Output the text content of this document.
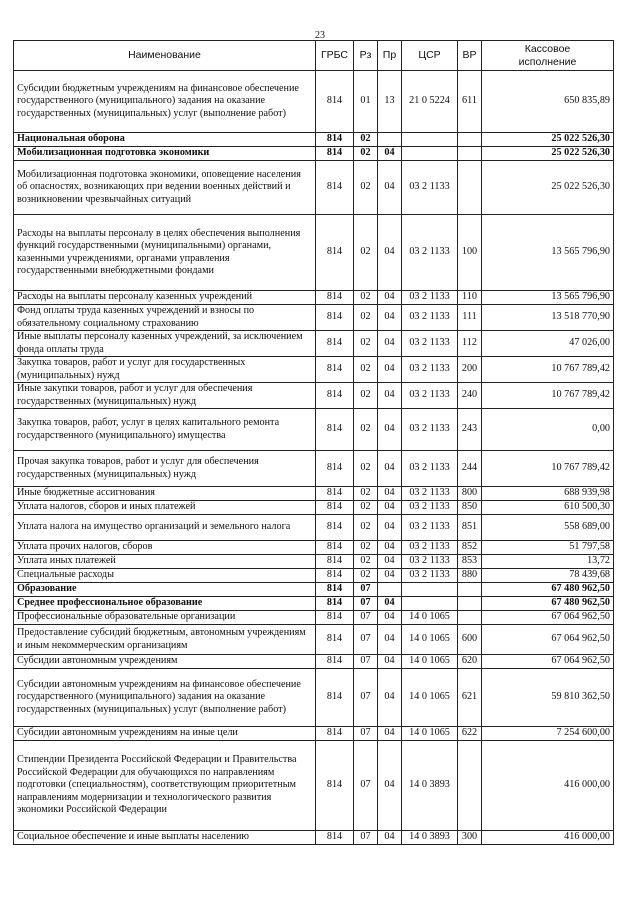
23
Наименование	ГРБС	Рз	Пр	ЦСР	ВР	Кассовое
исполнение

Субсидии бюджетным учреждениям на финансовое обеспечение государственного (муниципального) задания на оказание государственных (муниципальных) услуг (выполнение работ)	814	01	13	21 0 5224	611	650 835,89
Национальная оборона	814	02				25 022 526,30
Мобилизационная подготовка экономики	814	02	04			25 022 526,30
Мобилизационная подготовка экономики, оповещение населения об опасностях, возникающих при ведении военных действий и возникновении чрезвычайных ситуаций	814	02	04	03 2 1133		25 022 526,30
Расходы на выплаты персоналу в целях обеспечения выполнения функций государственными (муниципальными) органами, казенными учреждениями, органами управления государственными внебюджетными фондами	814	02	04	03 2 1133	100	13 565 796,90
Расходы на выплаты персоналу казенных учреждений	814	02	04	03 2 1133	110	13 565 796,90
Фонд оплаты труда казенных учреждений и взносы по обязательному социальному страхованию	814	02	04	03 2 1133	111	13 518 770,90
Иные выплаты персоналу казенных учреждений, за исключением фонда оплаты труда	814	02	04	03 2 1133	112	47 026,00
Закупка товаров, работ и услуг для государственных (муниципальных) нужд	814	02	04	03 2 1133	200	10 767 789,42
Иные закупки товаров, работ и услуг для обеспечения государственных (муниципальных) нужд	814	02	04	03 2 1133	240	10 767 789,42
Закупка товаров, работ, услуг в целях капитального ремонта государственного (муниципального) имущества	814	02	04	03 2 1133	243	0,00
Прочая закупка товаров, работ и услуг для обеспечения государственных (муниципальных) нужд	814	02	04	03 2 1133	244	10 767 789,42
Иные бюджетные ассигнования	814	02	04	03 2 1133	800	688 939,98
Уплата налогов, сборов и иных платежей	814	02	04	03 2 1133	850	610 500,30
Уплата налога на имущество организаций и земельного налога	814	02	04	03 2 1133	851	558 689,00
Уплата прочих налогов, сборов	814	02	04	03 2 1133	852	51 797,58
Уплата иных платежей	814	02	04	03 2 1133	853	13,72
Специальные расходы	814	02	04	03 2 1133	880	78 439,68
Образование	814	07				67 480 962,50
Среднее профессиональное образование	814	07	04			67 480 962,50
Профессиональные образовательные организации	814	07	04	14 0 1065		67 064 962,50
Предоставление субсидий бюджетным, автономным учреждениям и иным некоммерческим организациям	814	07	04	14 0 1065	600	67 064 962,50
Субсидии автономным учреждениям	814	07	04	14 0 1065	620	67 064 962,50
Субсидии автономным учреждениям на финансовое обеспечение государственного (муниципального) задания на оказание государственных (муниципальных) услуг (выполнение работ)	814	07	04	14 0 1065	621	59 810 362,50
Субсидии автономным учреждениям на иные цели	814	07	04	14 0 1065	622	7 254 600,00
Стипендии Президента Российской Федерации и Правительства Российской Федерации для обучающихся по направлениям подготовки (специальностям), соответствующим приоритетным направлениям модернизации и технологического развития экономики Российской Федерации	814	07	04	14 0 3893		416 000,00
Социальное обеспечение и иные выплаты населению	814	07	04	14 0 3893	300	416 000,00
